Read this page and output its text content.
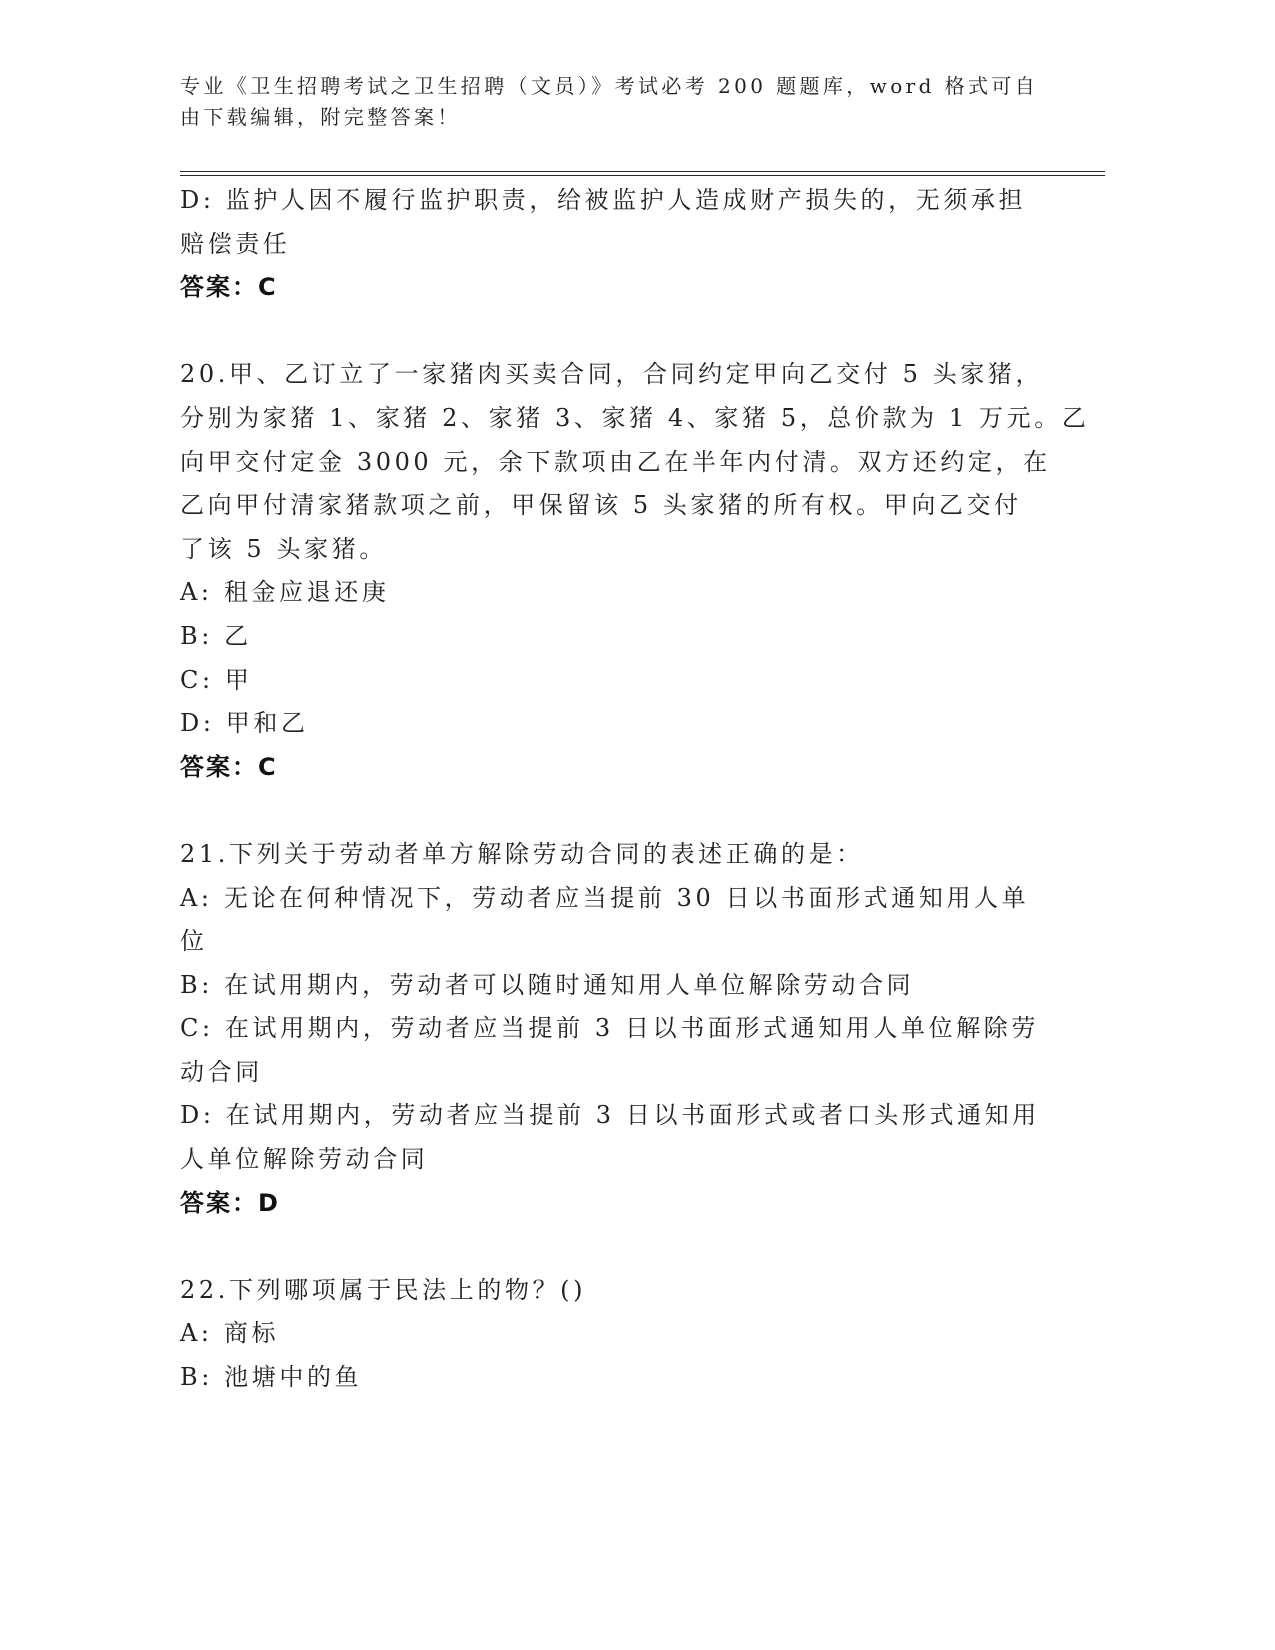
专业《卫生招聘考试之卫生招聘（文员）》考试必考 200 题题库，word 格式可自
由下载编辑，附完整答案！
D: 监护人因不履行监护职责，给被监护人造成财产损失的，无须承担
赔偿责任
答案：C
20.甲、乙订立了一家猪肉买卖合同，合同约定甲向乙交付 5 头家猪，
分别为家猪 1、家猪 2、家猪 3、家猪 4、家猪 5，总价款为 1 万元。乙
向甲交付定金 3000 元，余下款项由乙在半年内付清。双方还约定，在
乙向甲付清家猪款项之前，甲保留该 5 头家猪的所有权。甲向乙交付
了该 5 头家猪。
A: 租金应退还庚
B: 乙
C: 甲
D: 甲和乙
答案：C
21.下列关于劳动者单方解除劳动合同的表述正确的是：
A: 无论在何种情况下，劳动者应当提前 30 日以书面形式通知用人单
位
B: 在试用期内，劳动者可以随时通知用人单位解除劳动合同
C: 在试用期内，劳动者应当提前 3 日以书面形式通知用人单位解除劳
动合同
D: 在试用期内，劳动者应当提前 3 日以书面形式或者口头形式通知用
人单位解除劳动合同
答案：D
22.下列哪项属于民法上的物？()
A: 商标
B: 池塘中的鱼
